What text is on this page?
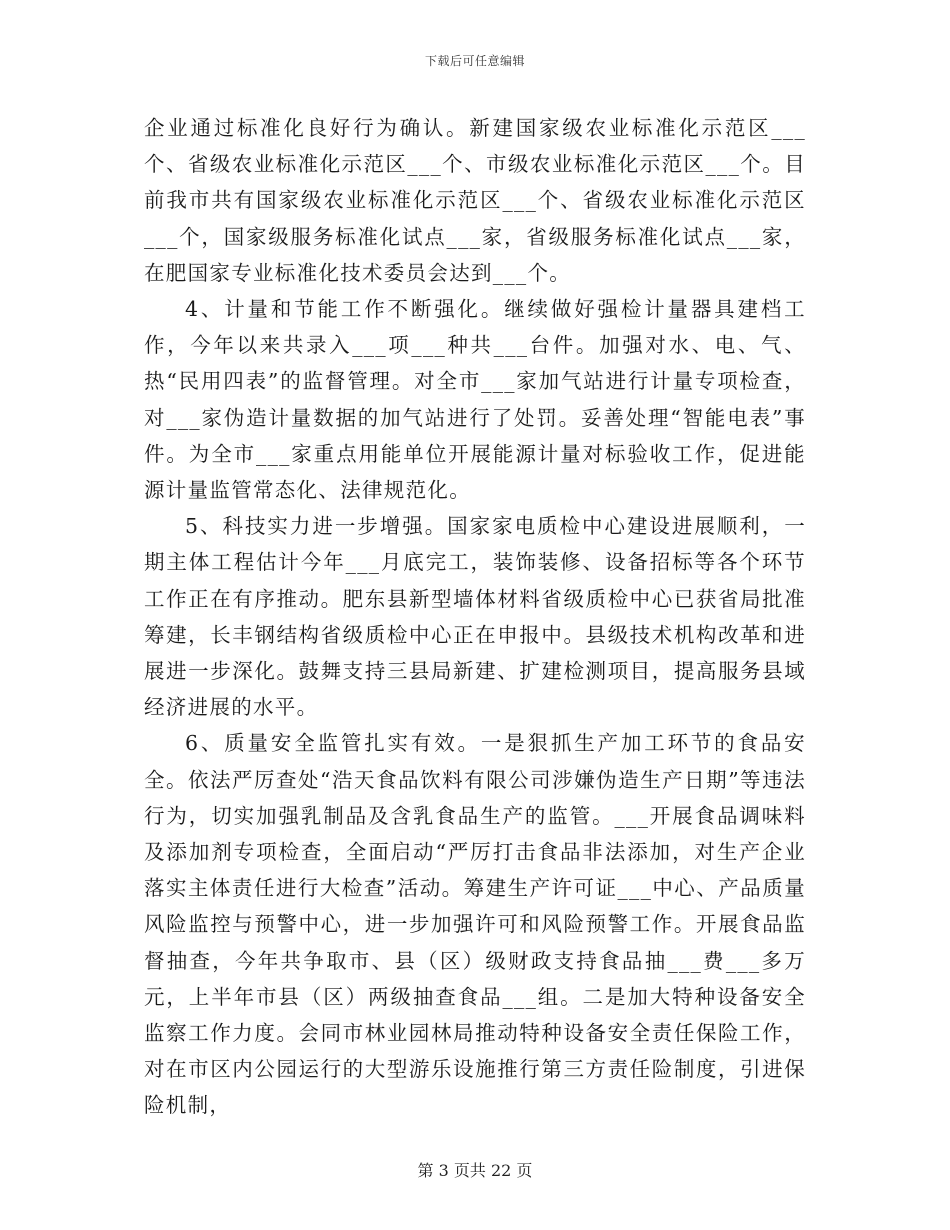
下载后可任意编辑

企业通过标准化良好行为确认。新建国家级农业标准化示范区___个、省级农业标准化示范区___个、市级农业标准化示范区___个。目前我市共有国家级农业标准化示范区___个、省级农业标准化示范区___个，国家级服务标准化试点___家，省级服务标准化试点___家，在肥国家专业标准化技术委员会达到___个。

4、计量和节能工作不断强化。继续做好强检计量器具建档工作，今年以来共录入___项___种共___台件。加强对水、电、气、热“民用四表”的监督管理。对全市___家加气站进行计量专项检查，对___家伪造计量数据的加气站进行了处罚。妥善处理“智能电表”事件。为全市___家重点用能单位开展能源计量对标验收工作，促进能源计量监管常态化、法律规范化。

5、科技实力进一步增强。国家家电质检中心建设进展顺利，一期主体工程估计今年___月底完工，装饰装修、设备招标等各个环节工作正在有序推动。肥东县新型墙体材料省级质检中心已获省局批准筹建，长丰钢结构省级质检中心正在申报中。县级技术机构改革和进展进一步深化。鼓舞支持三县局新建、扩建检测项目，提高服务县域经济进展的水平。

6、质量安全监管扎实有效。一是狠抓生产加工环节的食品安全。依法严厉查处“浩天食品饮料有限公司涉嫌伪造生产日期”等违法行为，切实加强乳制品及含乳食品生产的监管。___开展食品调味料及添加剂专项检查，全面启动“严厉打击食品非法添加，对生产企业落实主体责任进行大检查”活动。筹建生产许可证___中心、产品质量风险监控与预警中心，进一步加强许可和风险预警工作。开展食品监督抽查，今年共争取市、县（区）级财政支持食品抽___费___多万元，上半年市县（区）两级抽查食品___组。二是加大特种设备安全监察工作力度。会同市林业园林局推动特种设备安全责任保险工作，对在市区内公园运行的大型游乐设施推行第三方责任险制度，引进保险机制，

第 3 页共 22 页
